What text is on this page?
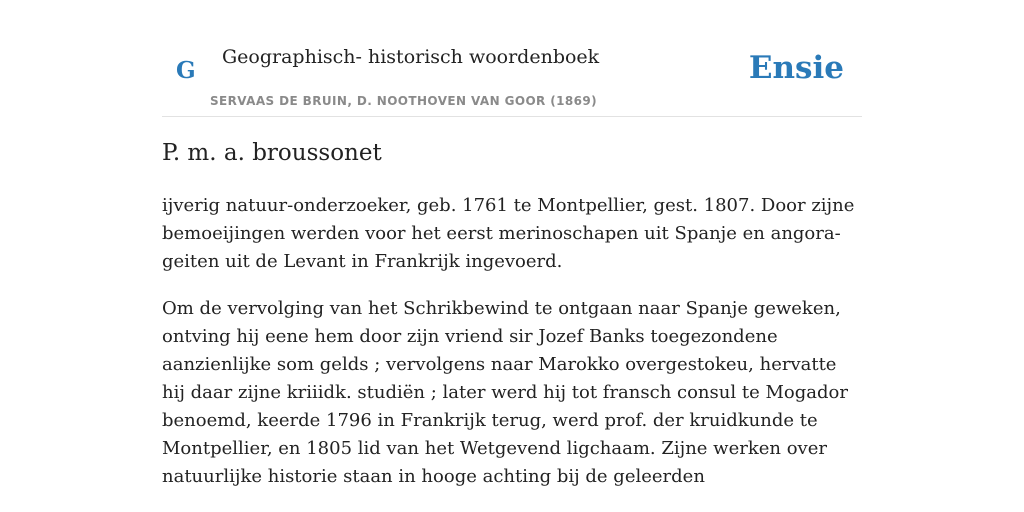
G Geographisch- historisch woordenboek
SERVAAS DE BRUIN, D. NOOTHOVEN VAN GOOR (1869)
Ensie
P. m. a. broussonet

ijverig natuur-onderzoeker, geb. 1761 te Montpellier, gest. 1807. Door zijne bemoeijingen werden voor het eerst merinoschapen uit Spanje en angora-geiten uit de Levant in Frankrijk ingevoerd.

Om de vervolging van het Schrikbewind te ontgaan naar Spanje geweken, ontving hij eene hem door zijn vriend sir Jozef Banks toegezondene aanzienlijke som gelds ; vervolgens naar Marokko overgestokeu, hervatte hij daar zijne kriiidk. studiën ; later werd hij tot fransch consul te Mogador benoemd, keerde 1796 in Frankrijk terug, werd prof. der kruidkunde te Montpellier, en 1805 lid van het Wetgevend ligchaam. Zijne werken over natuurlijke historie staan in hooge achting bij de geleerden
